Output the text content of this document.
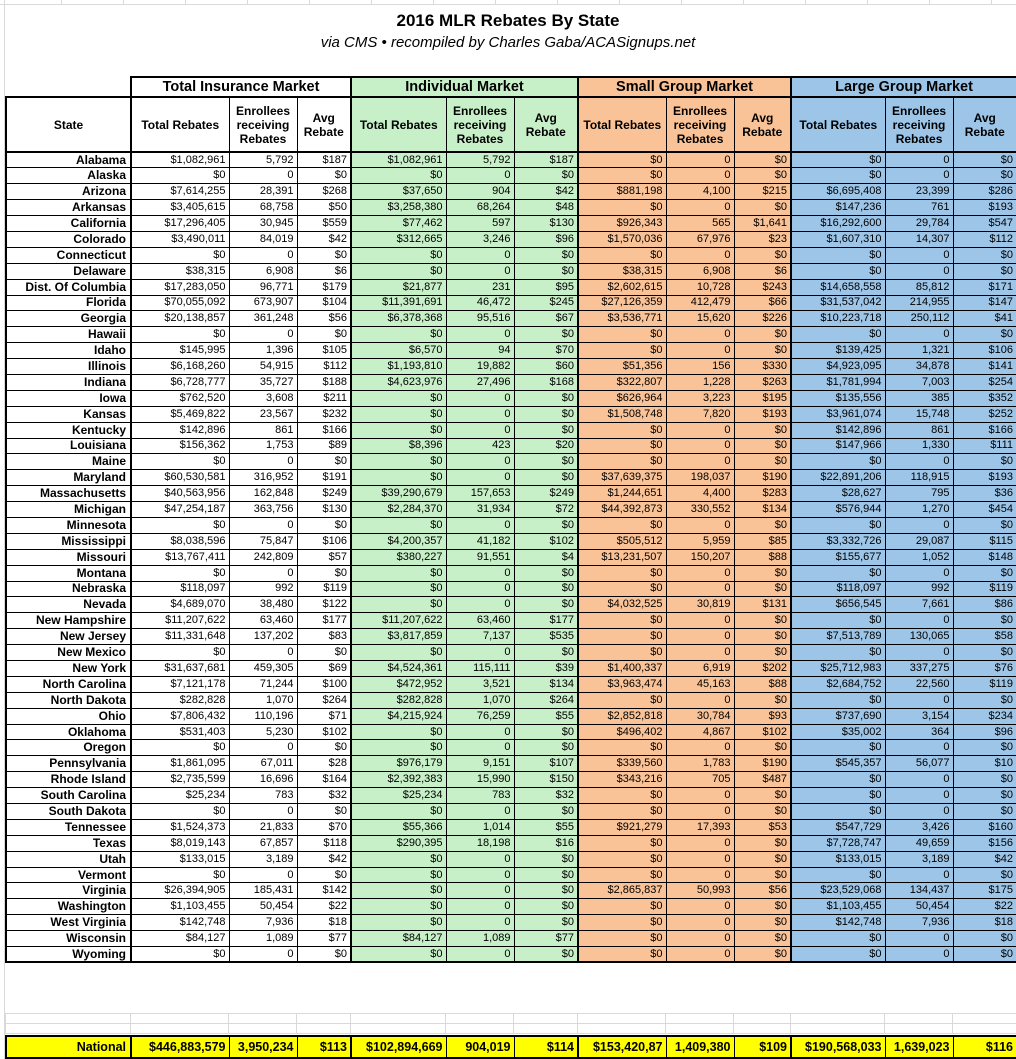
2016 MLR Rebates By State
via CMS • recompiled by Charles Gaba/ACASignups.net
	Total Insurance Market			Individual Market			Small Group Market			Large Group Market		
State	Total Rebates	Enrollees receiving Rebates	Avg Rebate	Total Rebates	Enrollees receiving Rebates	Avg Rebate	Total Rebates	Enrollees receiving Rebates	Avg Rebate	Total Rebates	Enrollees receiving Rebates	Avg Rebate
Alabama	$1,082,961	5,792	$187	$1,082,961	5,792	$187	$0	0	$0	$0	0	$0
Alaska	$0	0	$0	$0	0	$0	$0	0	$0	$0	0	$0
Arizona	$7,614,255	28,391	$268	$37,650	904	$42	$881,198	4,100	$215	$6,695,408	23,399	$286
Arkansas	$3,405,615	68,758	$50	$3,258,380	68,264	$48	$0	0	$0	$147,236	761	$193
California	$17,296,405	30,945	$559	$77,462	597	$130	$926,343	565	$1,641	$16,292,600	29,784	$547
Colorado	$3,490,011	84,019	$42	$312,665	3,246	$96	$1,570,036	67,976	$23	$1,607,310	14,307	$112
Connecticut	$0	0	$0	$0	0	$0	$0	0	$0	$0	0	$0
Delaware	$38,315	6,908	$6	$0	0	$0	$38,315	6,908	$6	$0	0	$0
Dist. Of Columbia	$17,283,050	96,771	$179	$21,877	231	$95	$2,602,615	10,728	$243	$14,658,558	85,812	$171
Florida	$70,055,092	673,907	$104	$11,391,691	46,472	$245	$27,126,359	412,479	$66	$31,537,042	214,955	$147
Georgia	$20,138,857	361,248	$56	$6,378,368	95,516	$67	$3,536,771	15,620	$226	$10,223,718	250,112	$41
Hawaii	$0	0	$0	$0	0	$0	$0	0	$0	$0	0	$0
Idaho	$145,995	1,396	$105	$6,570	94	$70	$0	0	$0	$139,425	1,321	$106
Illinois	$6,168,260	54,915	$112	$1,193,810	19,882	$60	$51,356	156	$330	$4,923,095	34,878	$141
Indiana	$6,728,777	35,727	$188	$4,623,976	27,496	$168	$322,807	1,228	$263	$1,781,994	7,003	$254
Iowa	$762,520	3,608	$211	$0	0	$0	$626,964	3,223	$195	$135,556	385	$352
Kansas	$5,469,822	23,567	$232	$0	0	$0	$1,508,748	7,820	$193	$3,961,074	15,748	$252
Kentucky	$142,896	861	$166	$0	0	$0	$0	0	$0	$142,896	861	$166
Louisiana	$156,362	1,753	$89	$8,396	423	$20	$0	0	$0	$147,966	1,330	$111
Maine	$0	0	$0	$0	0	$0	$0	0	$0	$0	0	$0
Maryland	$60,530,581	316,952	$191	$0	0	$0	$37,639,375	198,037	$190	$22,891,206	118,915	$193
Massachusetts	$40,563,956	162,848	$249	$39,290,679	157,653	$249	$1,244,651	4,400	$283	$28,627	795	$36
Michigan	$47,254,187	363,756	$130	$2,284,370	31,934	$72	$44,392,873	330,552	$134	$576,944	1,270	$454
Minnesota	$0	0	$0	$0	0	$0	$0	0	$0	$0	0	$0
Mississippi	$8,038,596	75,847	$106	$4,200,357	41,182	$102	$505,512	5,959	$85	$3,332,726	29,087	$115
Missouri	$13,767,411	242,809	$57	$380,227	91,551	$4	$13,231,507	150,207	$88	$155,677	1,052	$148
Montana	$0	0	$0	$0	0	$0	$0	0	$0	$0	0	$0
Nebraska	$118,097	992	$119	$0	0	$0	$0	0	$0	$118,097	992	$119
Nevada	$4,689,070	38,480	$122	$0	0	$0	$4,032,525	30,819	$131	$656,545	7,661	$86
New Hampshire	$11,207,622	63,460	$177	$11,207,622	63,460	$177	$0	0	$0	$0	0	$0
New Jersey	$11,331,648	137,202	$83	$3,817,859	7,137	$535	$0	0	$0	$7,513,789	130,065	$58
New Mexico	$0	0	$0	$0	0	$0	$0	0	$0	$0	0	$0
New York	$31,637,681	459,305	$69	$4,524,361	115,111	$39	$1,400,337	6,919	$202	$25,712,983	337,275	$76
North Carolina	$7,121,178	71,244	$100	$472,952	3,521	$134	$3,963,474	45,163	$88	$2,684,752	22,560	$119
North Dakota	$282,828	1,070	$264	$282,828	1,070	$264	$0	0	$0	$0	0	$0
Ohio	$7,806,432	110,196	$71	$4,215,924	76,259	$55	$2,852,818	30,784	$93	$737,690	3,154	$234
Oklahoma	$531,403	5,230	$102	$0	0	$0	$496,402	4,867	$102	$35,002	364	$96
Oregon	$0	0	$0	$0	0	$0	$0	0	$0	$0	0	$0
Pennsylvania	$1,861,095	67,011	$28	$976,179	9,151	$107	$339,560	1,783	$190	$545,357	56,077	$10
Rhode Island	$2,735,599	16,696	$164	$2,392,383	15,990	$150	$343,216	705	$487	$0	0	$0
South Carolina	$25,234	783	$32	$25,234	783	$32	$0	0	$0	$0	0	$0
South Dakota	$0	0	$0	$0	0	$0	$0	0	$0	$0	0	$0
Tennessee	$1,524,373	21,833	$70	$55,366	1,014	$55	$921,279	17,393	$53	$547,729	3,426	$160
Texas	$8,019,143	67,857	$118	$290,395	18,198	$16	$0	0	$0	$7,728,747	49,659	$156
Utah	$133,015	3,189	$42	$0	0	$0	$0	0	$0	$133,015	3,189	$42
Vermont	$0	0	$0	$0	0	$0	$0	0	$0	$0	0	$0
Virginia	$26,394,905	185,431	$142	$0	0	$0	$2,865,837	50,993	$56	$23,529,068	134,437	$175
Washington	$1,103,455	50,454	$22	$0	0	$0	$0	0	$0	$1,103,455	50,454	$22
West Virginia	$142,748	7,936	$18	$0	0	$0	$0	0	$0	$142,748	7,936	$18
Wisconsin	$84,127	1,089	$77	$84,127	1,089	$77	$0	0	$0	$0	0	$0
Wyoming	$0	0	$0	$0	0	$0	$0	0	$0	$0	0	$0

National	$446,883,579	3,950,234	$113	$102,894,669	904,019	$114	$153,420,87	1,409,380	$109	$190,568,033	1,639,023	$116
